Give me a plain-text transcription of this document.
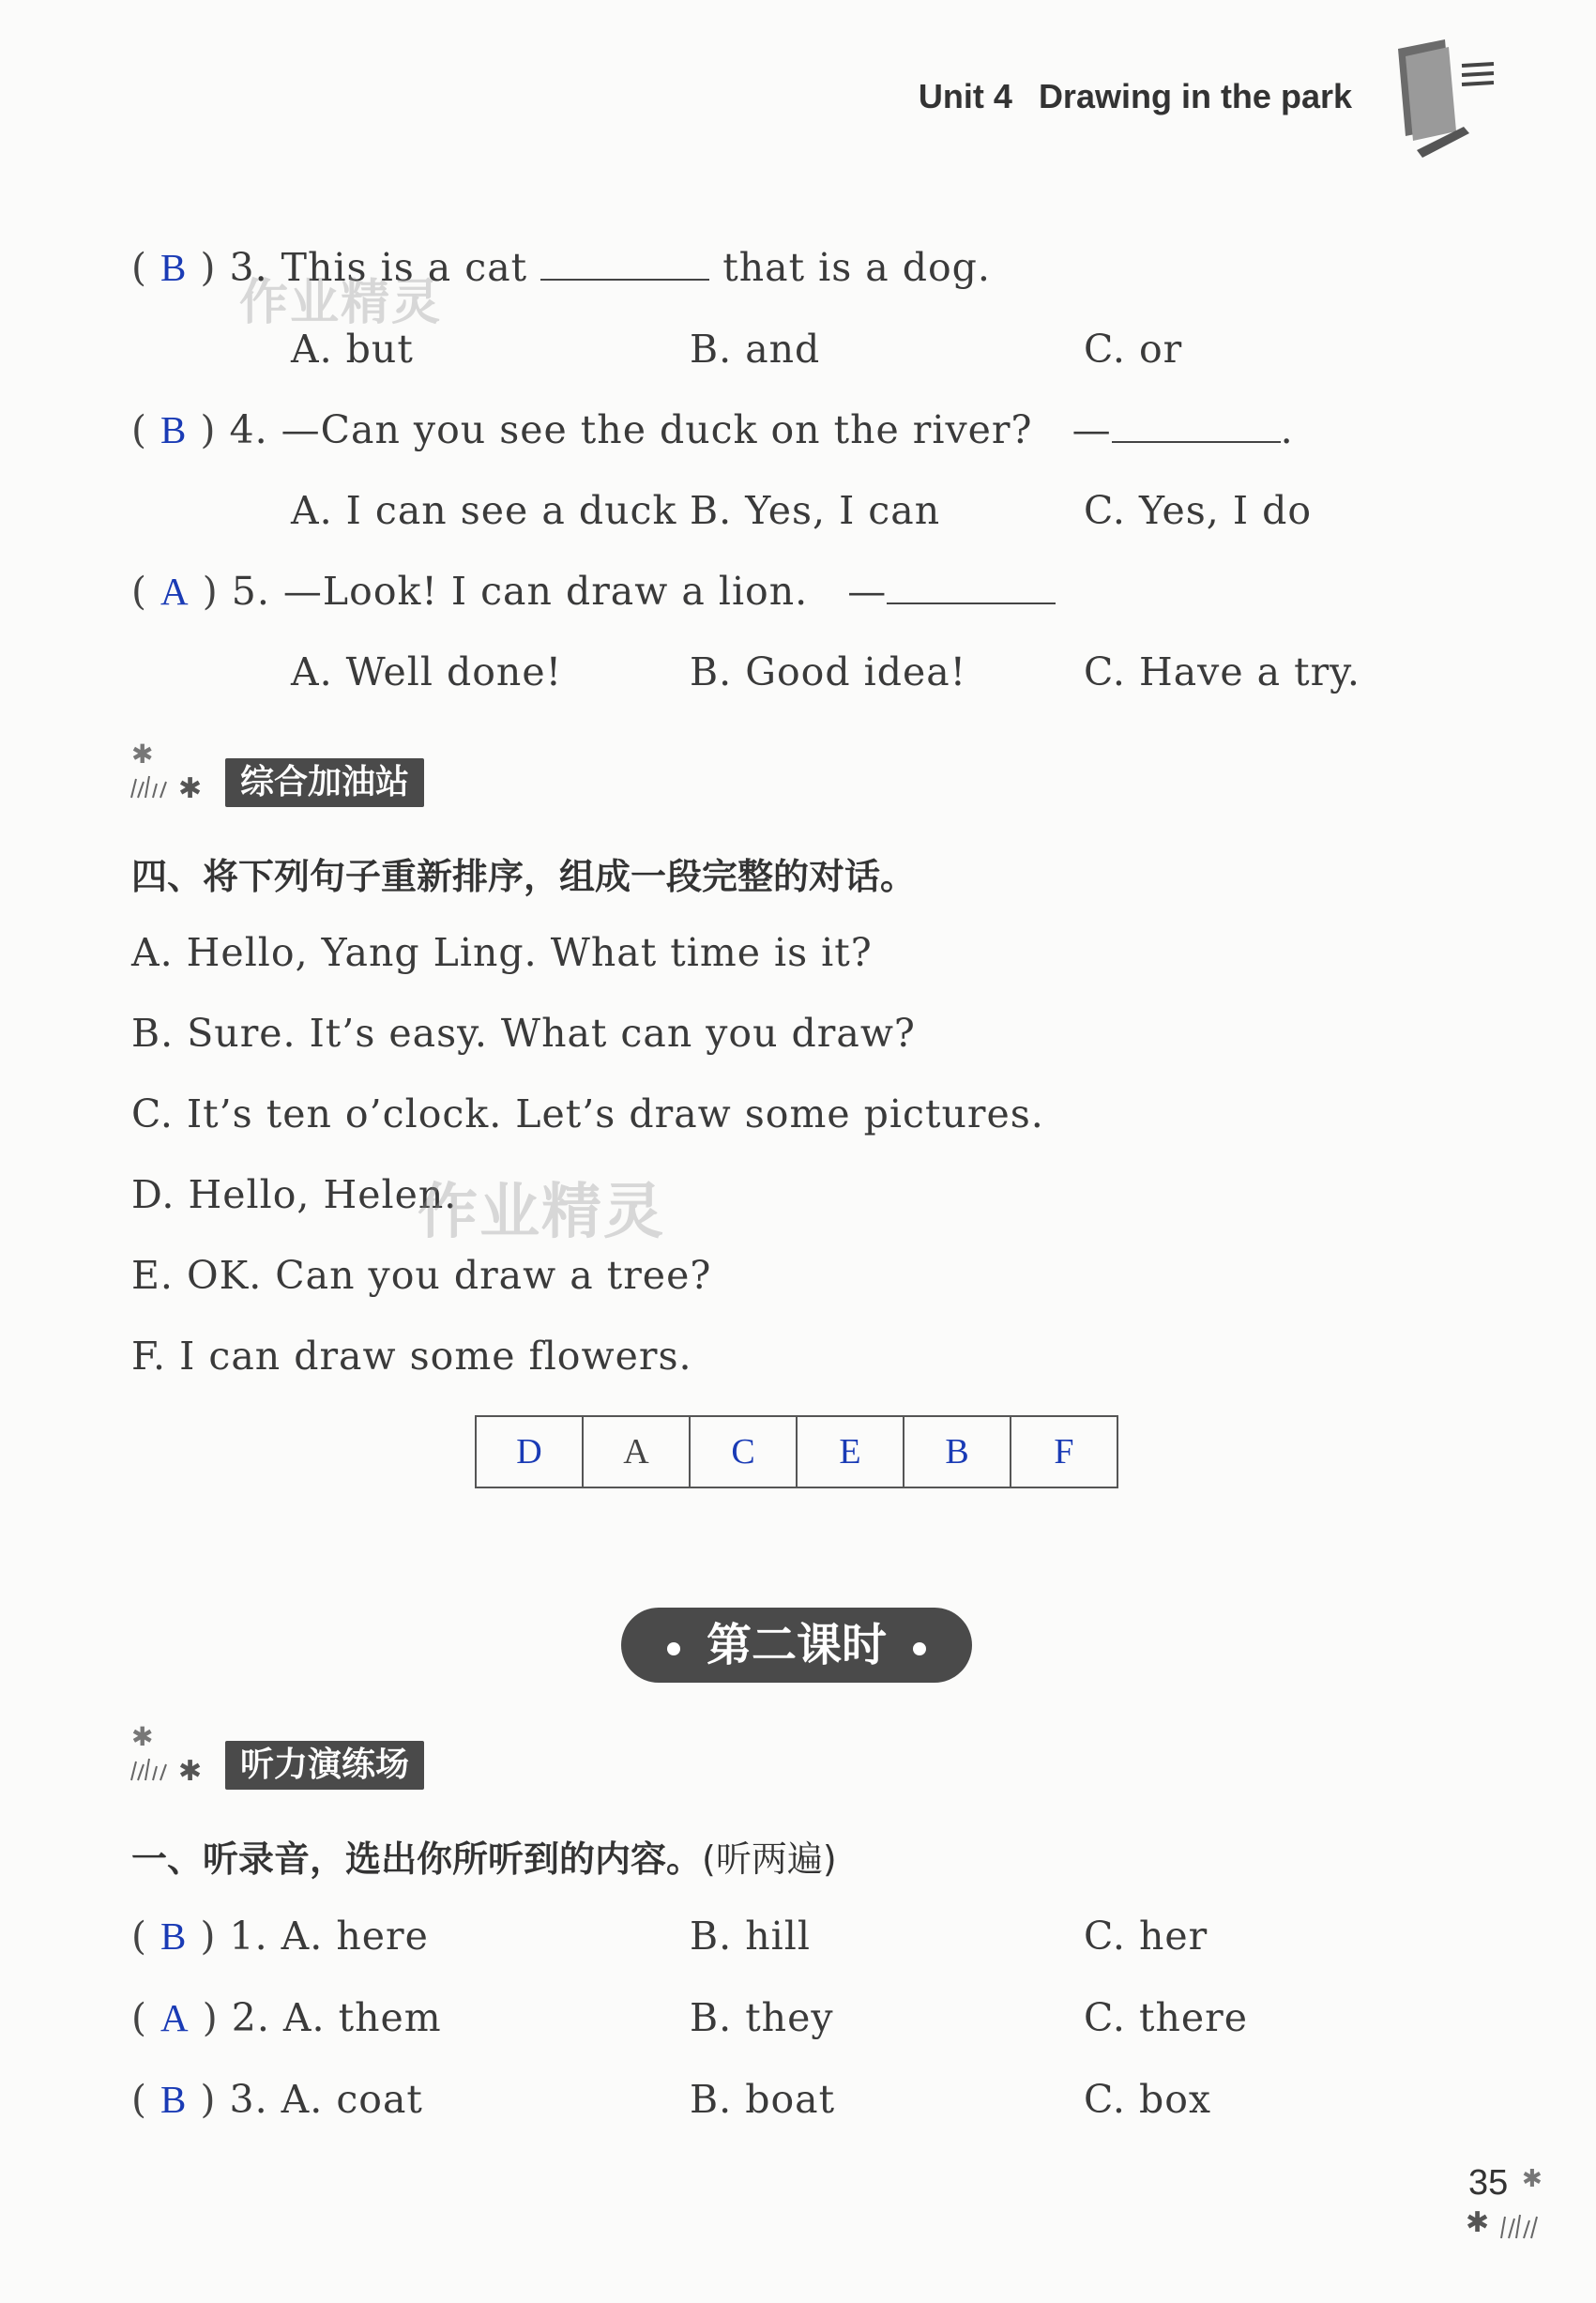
Unit 4 Drawing in the park
( B ) 3. This is a cat	that is a dog.
A. but	B. and	C. or
( B ) 4. —Can you see the duck on the river? —	.
A. I can see a duck B. Yes, I can	C. Yes, I do
( A ) 5. —Look! I can draw a lion. —
A. Well done!	B. Good idea!	C. Have a try.
✱
✱	综合加油站
四、将下列句子重新排序，组成一段完整的对话。
A. Hello, Yang Ling. What time is it?
B. Sure. It’s easy. What can you draw?
C. It’s ten o’clock. Let’s draw some pictures.
D. Hello, Helen.
E. OK. Can you draw a tree?
F. I can draw some flowers.
D	A	C	E	B	F
第二课时
✱
✱	听力演练场
一、听录音，选出你所听到的内容。(听两遍)
( B ) 1. A. here	B. hill	C. her
( A ) 2. A. them	B. they	C. there
( B ) 3. A. coat	B. boat	C. box
作业精灵
作业精灵
35 ✱
✱
